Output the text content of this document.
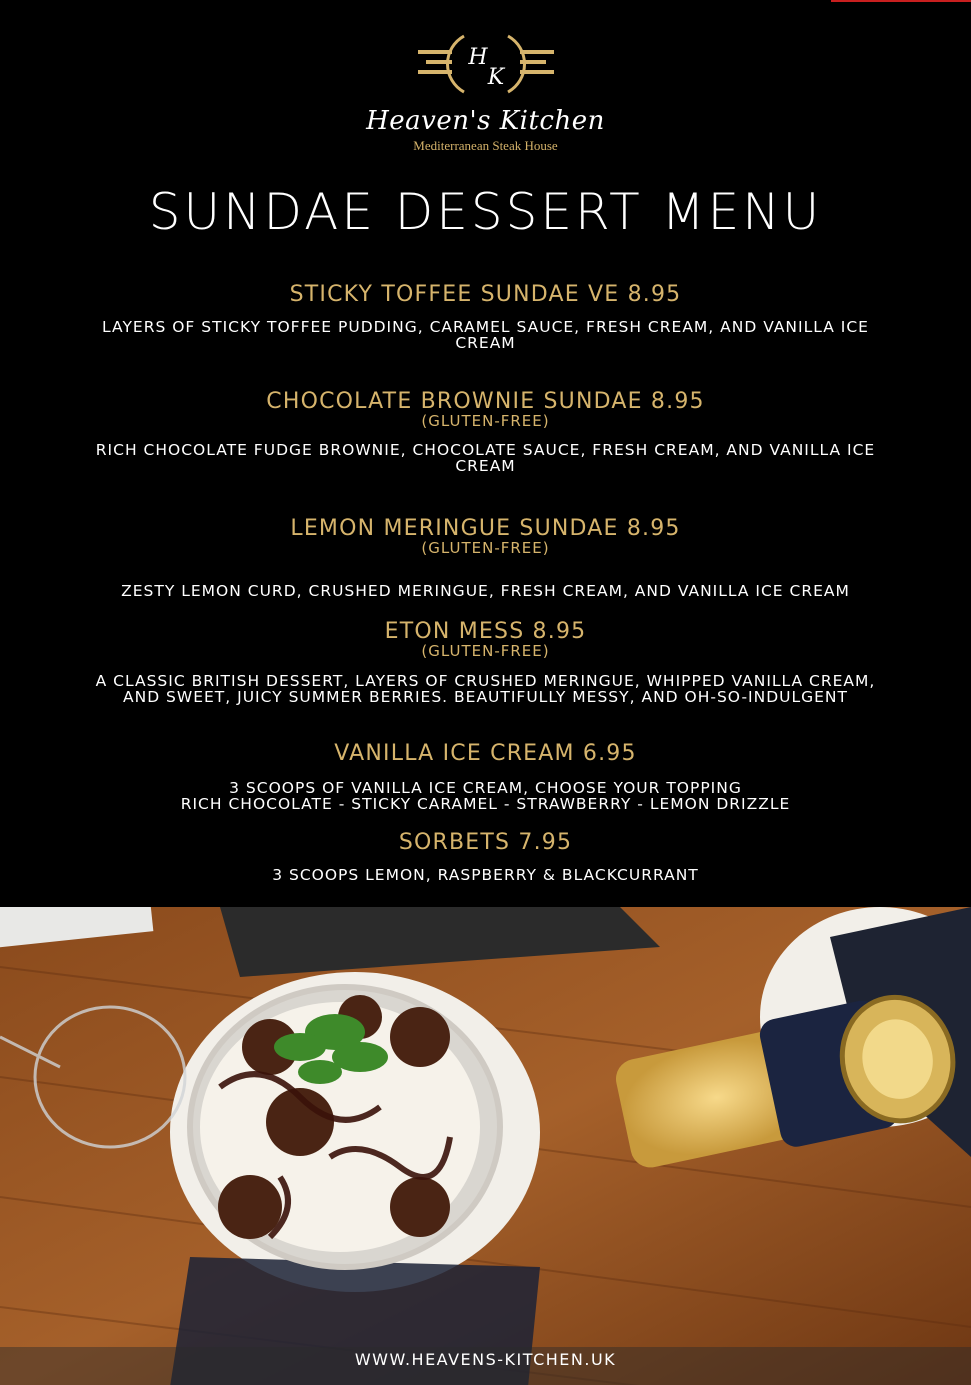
H
K
Heaven's Kitchen
Mediterranean Steak House
SUNDAE DESSERT MENU
STICKY TOFFEE SUNDAE VE 8.95
LAYERS OF STICKY TOFFEE PUDDING, CARAMEL SAUCE, FRESH CREAM, AND VANILLA ICE
CREAM
CHOCOLATE BROWNIE SUNDAE 8.95
(GLUTEN-FREE)
RICH CHOCOLATE FUDGE BROWNIE, CHOCOLATE SAUCE, FRESH CREAM, AND VANILLA ICE
CREAM
LEMON MERINGUE SUNDAE 8.95
(GLUTEN-FREE)
ZESTY LEMON CURD, CRUSHED MERINGUE, FRESH CREAM, AND VANILLA ICE CREAM
ETON MESS 8.95
(GLUTEN-FREE)
A CLASSIC BRITISH DESSERT, LAYERS OF CRUSHED MERINGUE, WHIPPED VANILLA CREAM,
AND SWEET, JUICY SUMMER BERRIES. BEAUTIFULLY MESSY, AND OH-SO-INDULGENT
VANILLA ICE CREAM 6.95
3 SCOOPS OF VANILLA ICE CREAM, CHOOSE YOUR TOPPING
RICH CHOCOLATE - STICKY CARAMEL - STRAWBERRY - LEMON DRIZZLE
SORBETS 7.95
3 SCOOPS LEMON, RASPBERRY & BLACKCURRANT
WWW.HEAVENS-KITCHEN.UK
